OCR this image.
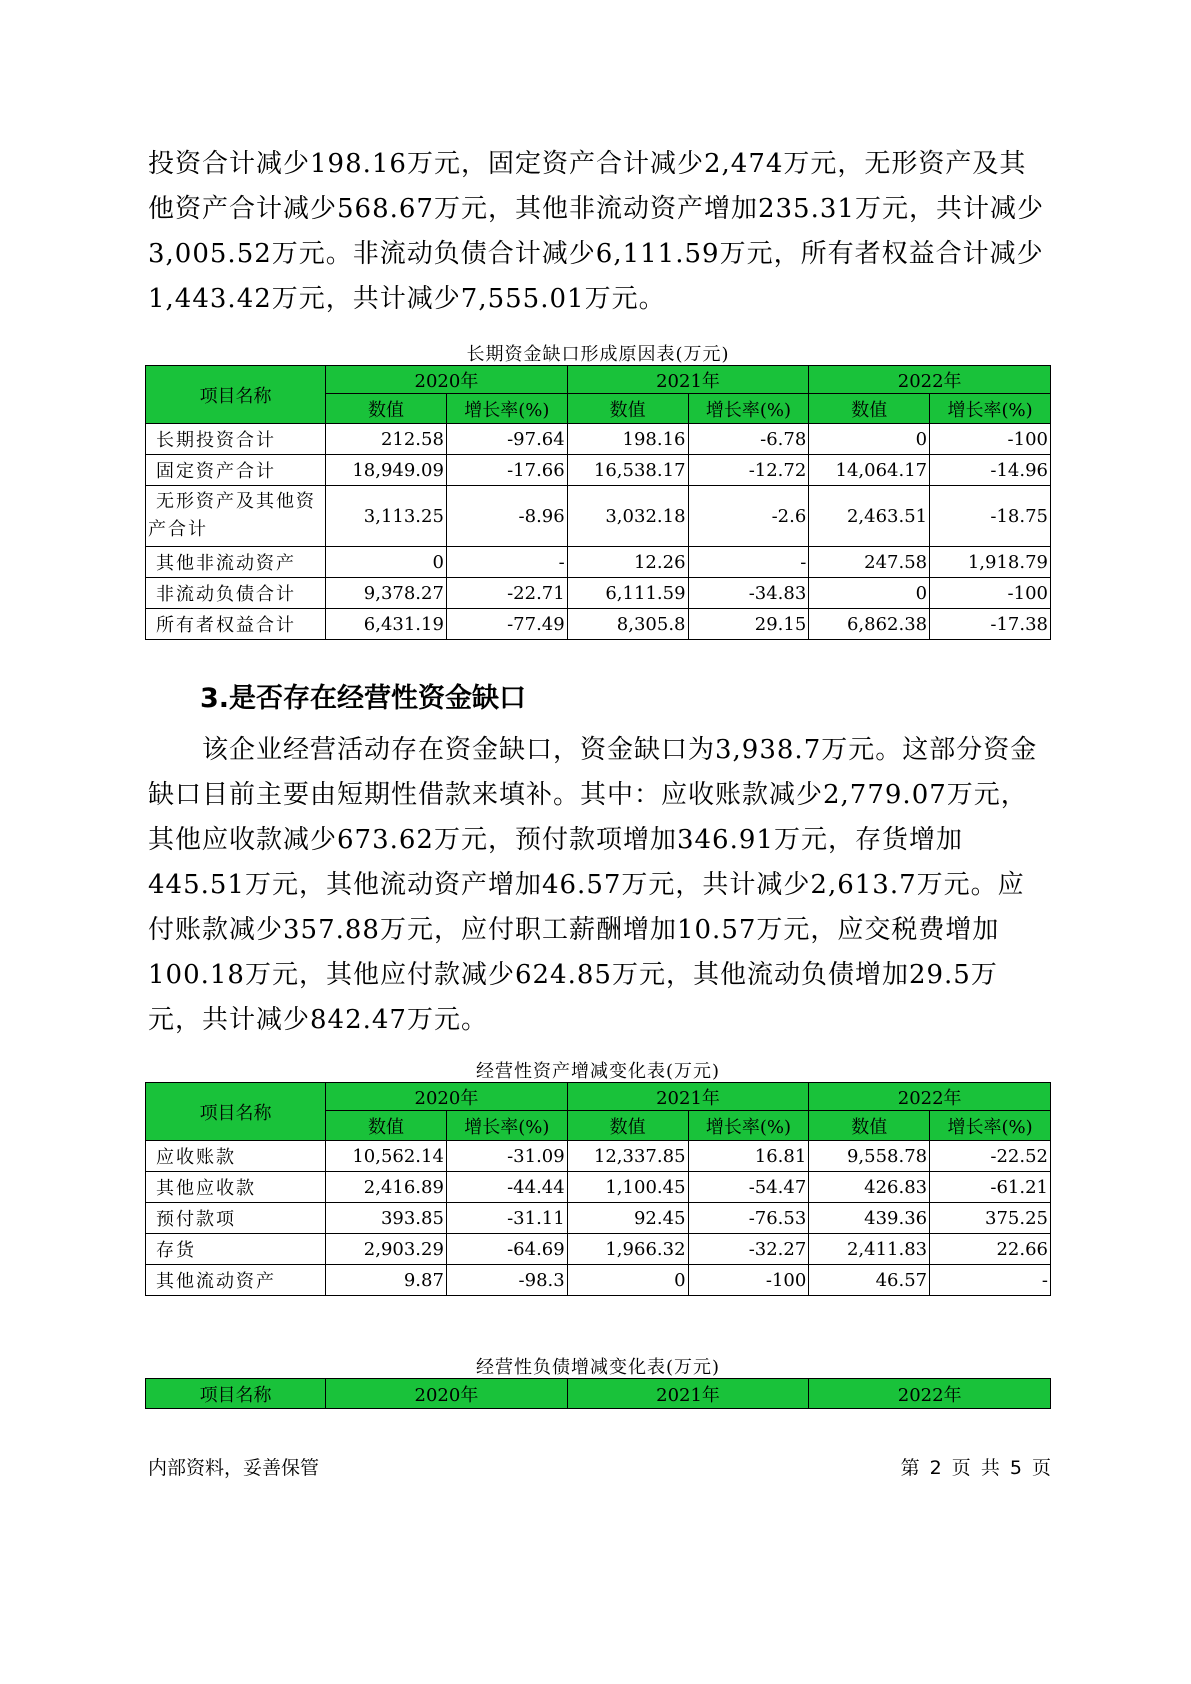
投资合计减少198.16万元，固定资产合计减少2,474万元，无形资产及其他资产合计减少568.67万元，其他非流动资产增加235.31万元，共计减少3,005.52万元。非流动负债合计减少6,111.59万元，所有者权益合计减少1,443.42万元，共计减少7,555.01万元。

长期资金缺口形成原因表(万元)
项目名称	2020年		2021年		2022年	
	数值	增长率(%)	数值	增长率(%)	数值	增长率(%)
长期投资合计	212.58	-97.64	198.16	-6.78	0	-100
固定资产合计	18,949.09	-17.66	16,538.17	-12.72	14,064.17	-14.96
无形资产及其他资产合计	3,113.25	-8.96	3,032.18	-2.6	2,463.51	-18.75
其他非流动资产	0	-	12.26	-	247.58	1,918.79
非流动负债合计	9,378.27	-22.71	6,111.59	-34.83	0	-100
所有者权益合计	6,431.19	-77.49	8,305.8	29.15	6,862.38	-17.38
3.是否存在经营性资金缺口

该企业经营活动存在资金缺口，资金缺口为3,938.7万元。这部分资金缺口目前主要由短期性借款来填补。其中：应收账款减少2,779.07万元，其他应收款减少673.62万元，预付款项增加346.91万元，存货增加445.51万元，其他流动资产增加46.57万元，共计减少2,613.7万元。应付账款减少357.88万元，应付职工薪酬增加10.57万元，应交税费增加100.18万元，其他应付款减少624.85万元，其他流动负债增加29.5万元，共计减少842.47万元。

经营性资产增减变化表(万元)
项目名称	2020年		2021年		2022年	
	数值	增长率(%)	数值	增长率(%)	数值	增长率(%)
应收账款	10,562.14	-31.09	12,337.85	16.81	9,558.78	-22.52
其他应收款	2,416.89	-44.44	1,100.45	-54.47	426.83	-61.21
预付款项	393.85	-31.11	92.45	-76.53	439.36	375.25
存货	2,903.29	-64.69	1,966.32	-32.27	2,411.83	22.66
其他流动资产	9.87	-98.3	0	-100	46.57	-
经营性负债增减变化表(万元)
项目名称	2020年	2021年	2022年
内部资料，妥善保管	第 2 页 共 5 页
